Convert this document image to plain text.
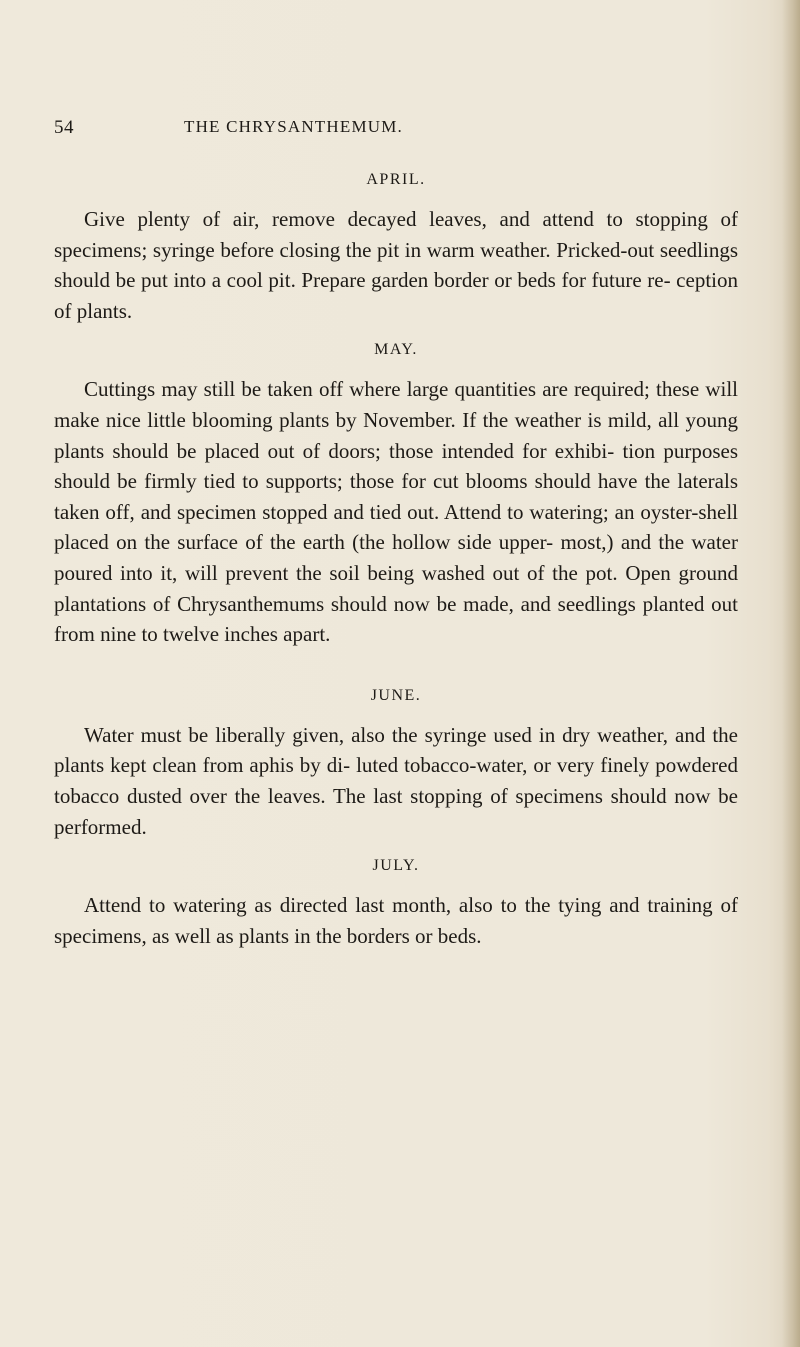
54	THE CHRYSANTHEMUM.
APRIL.

Give plenty of air, remove decayed leaves, and attend to stopping of specimens; syringe before closing the pit in warm weather. Pricked-out seedlings should be put into a cool pit. Prepare garden border or beds for future re- ception of plants.

MAY.

Cuttings may still be taken off where large quantities are required; these will make nice little blooming plants by November. If the weather is mild, all young plants should be placed out of doors; those intended for exhibi- tion purposes should be firmly tied to supports; those for cut blooms should have the laterals taken off, and specimen stopped and tied out. Attend to watering; an oyster-shell placed on the surface of the earth (the hollow side upper- most,) and the water poured into it, will prevent the soil being washed out of the pot. Open ground plantations of Chrysanthemums should now be made, and seedlings planted out from nine to twelve inches apart.

JUNE.

Water must be liberally given, also the syringe used in dry weather, and the plants kept clean from aphis by di- luted tobacco-water, or very finely powdered tobacco dusted over the leaves. The last stopping of specimens should now be performed.

JULY.

Attend to watering as directed last month, also to the tying and training of specimens, as well as plants in the borders or beds.
